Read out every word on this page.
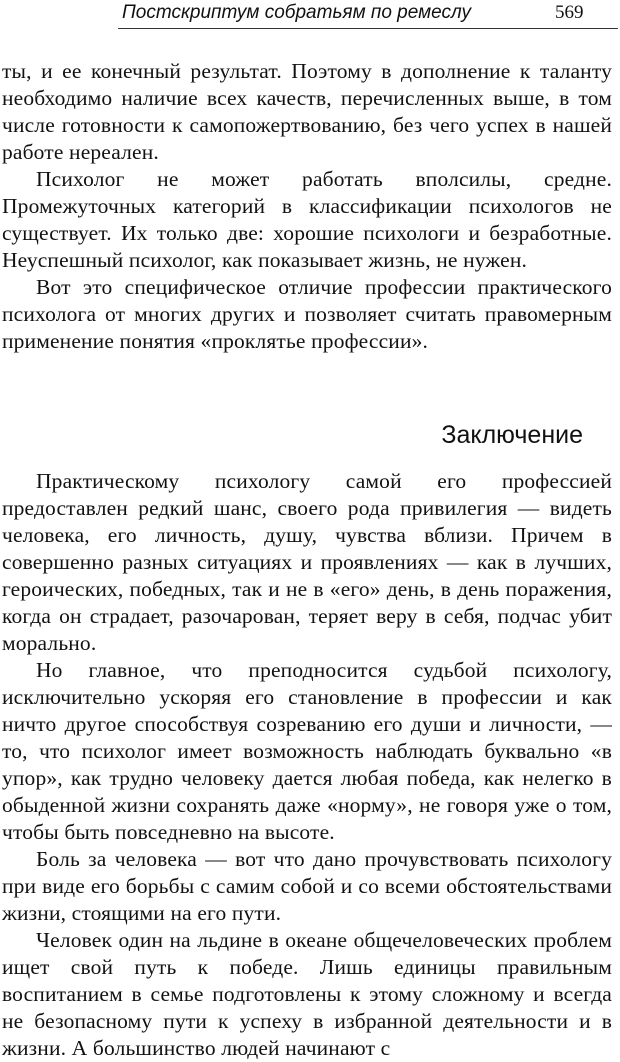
Постскриптум собратьям по ремеслу	569

ты, и ее конечный результат. Поэтому в дополнение к таланту необходимо наличие всех качеств, перечисленных выше, в том числе готовности к самопожертвованию, без чего успех в нашей работе нереален.

Психолог не может работать вполсилы, средне. Промежуточных категорий в классификации психологов не существует. Их только две: хорошие психологи и безработные. Неуспешный психолог, как показывает жизнь, не нужен.

Вот это специфическое отличие профессии практического психолога от многих других и позволяет считать правомерным применение понятия «проклятье профессии».

Заключение

Практическому психологу самой его профессией предоставлен редкий шанс, своего рода привилегия — видеть человека, его личность, душу, чувства вблизи. Причем в совершенно разных ситуациях и проявлениях — как в лучших, героических, победных, так и не в «его» день, в день поражения, когда он страдает, разочарован, теряет веру в себя, подчас убит морально.

Но главное, что преподносится судьбой психологу, исключительно ускоряя его становление в профессии и как ничто другое способствуя созреванию его души и личности, — то, что психолог имеет возможность наблюдать буквально «в упор», как трудно человеку дается любая победа, как нелегко в обыденной жизни сохранять даже «норму», не говоря уже о том, чтобы быть повседневно на высоте.

Боль за человека — вот что дано прочувствовать психологу при виде его борьбы с самим собой и со всеми обстоятельствами жизни, стоящими на его пути.

Человек один на льдине в океане общечеловеческих проблем ищет свой путь к победе. Лишь единицы правильным воспитанием в семье подготовлены к этому сложному и всегда не безопасному пути к успеху в избранной деятельности и в жизни. А большинство людей начинают с
